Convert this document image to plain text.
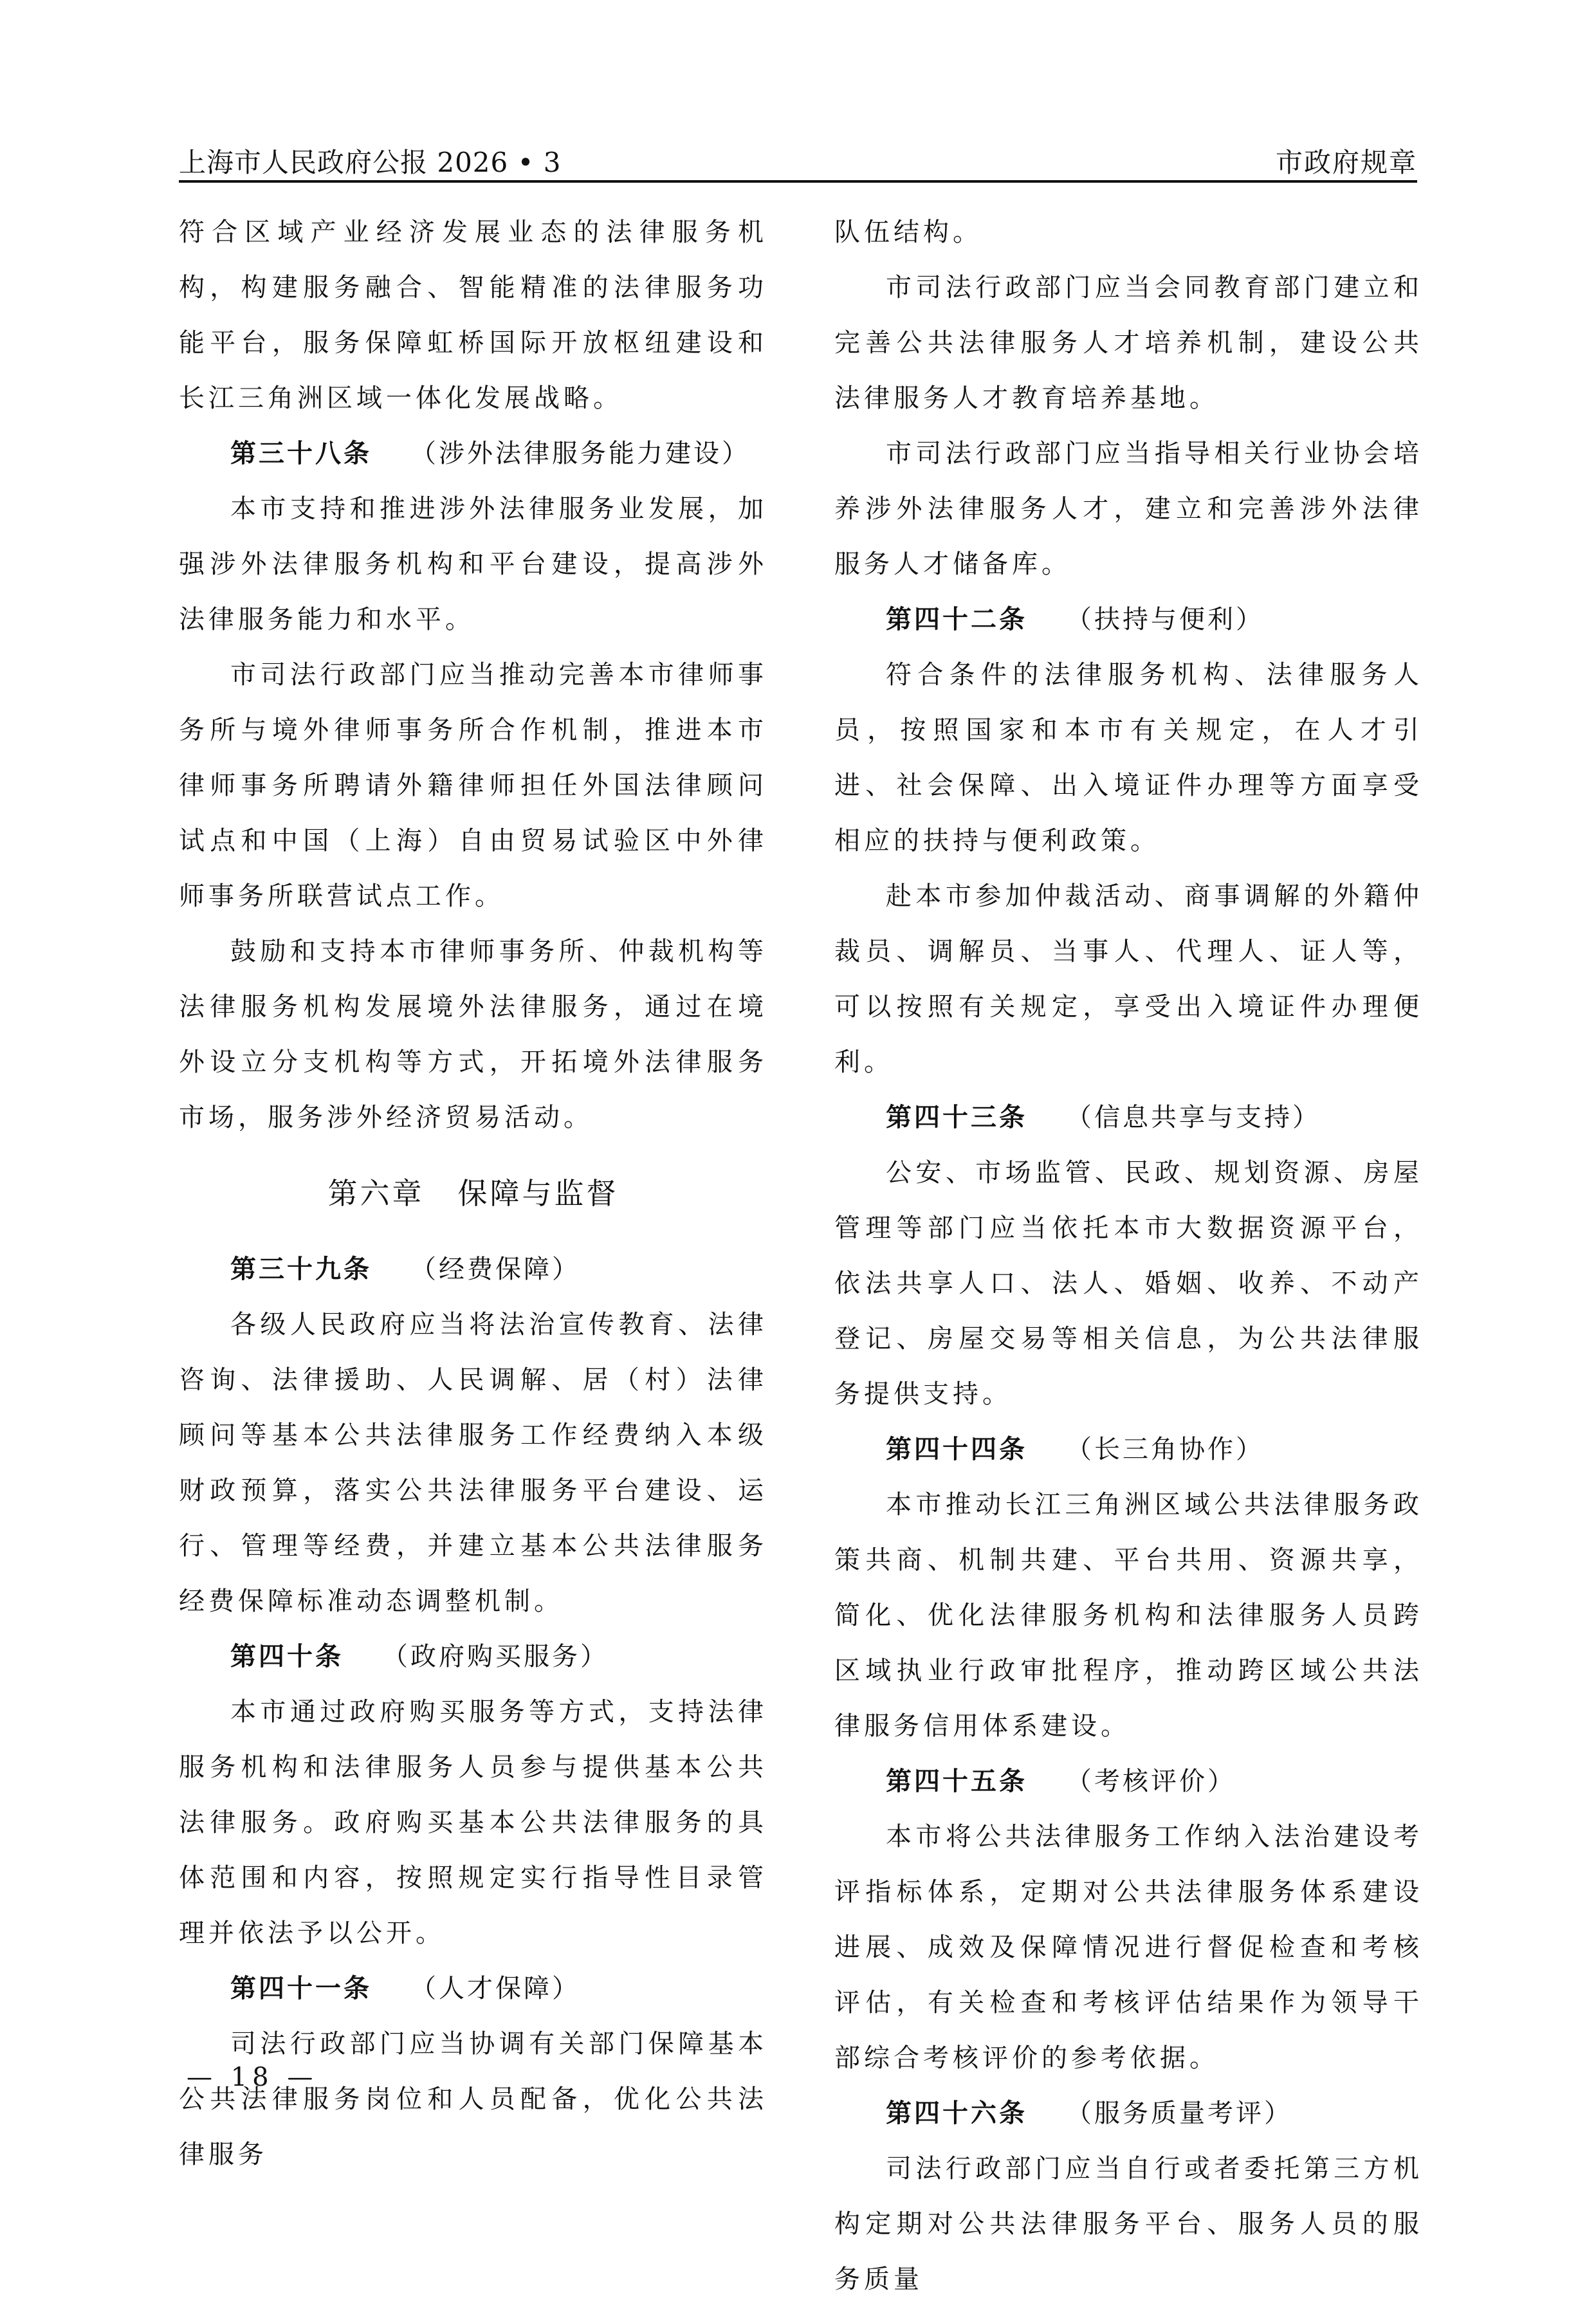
上海市人民政府公报 2026 • 3	市政府规章

符合区域产业经济发展业态的法律服务机构，构建服务融合、智能精准的法律服务功能平台，服务保障虹桥国际开放枢纽建设和长江三角洲区域一体化发展战略。

第三十八条 （涉外法律服务能力建设）

本市支持和推进涉外法律服务业发展，加强涉外法律服务机构和平台建设，提高涉外法律服务能力和水平。

市司法行政部门应当推动完善本市律师事务所与境外律师事务所合作机制，推进本市律师事务所聘请外籍律师担任外国法律顾问试点和中国（上海）自由贸易试验区中外律师事务所联营试点工作。

鼓励和支持本市律师事务所、仲裁机构等法律服务机构发展境外法律服务，通过在境外设立分支机构等方式，开拓境外法律服务市场，服务涉外经济贸易活动。

第六章 保障与监督

第三十九条 （经费保障）

各级人民政府应当将法治宣传教育、法律咨询、法律援助、人民调解、居（村）法律顾问等基本公共法律服务工作经费纳入本级财政预算，落实公共法律服务平台建设、运行、管理等经费，并建立基本公共法律服务经费保障标准动态调整机制。

第四十条 （政府购买服务）

本市通过政府购买服务等方式，支持法律服务机构和法律服务人员参与提供基本公共法律服务。政府购买基本公共法律服务的具体范围和内容，按照规定实行指导性目录管理并依法予以公开。

第四十一条 （人才保障）

司法行政部门应当协调有关部门保障基本公共法律服务岗位和人员配备，优化公共法律服务

队伍结构。

市司法行政部门应当会同教育部门建立和完善公共法律服务人才培养机制，建设公共法律服务人才教育培养基地。

市司法行政部门应当指导相关行业协会培养涉外法律服务人才，建立和完善涉外法律服务人才储备库。

第四十二条 （扶持与便利）

符合条件的法律服务机构、法律服务人员，按照国家和本市有关规定，在人才引进、社会保障、出入境证件办理等方面享受相应的扶持与便利政策。

赴本市参加仲裁活动、商事调解的外籍仲裁员、调解员、当事人、代理人、证人等，可以按照有关规定，享受出入境证件办理便利。

第四十三条 （信息共享与支持）

公安、市场监管、民政、规划资源、房屋管理等部门应当依托本市大数据资源平台，依法共享人口、法人、婚姻、收养、不动产登记、房屋交易等相关信息，为公共法律服务提供支持。

第四十四条 （长三角协作）

本市推动长江三角洲区域公共法律服务政策共商、机制共建、平台共用、资源共享，简化、优化法律服务机构和法律服务人员跨区域执业行政审批程序，推动跨区域公共法律服务信用体系建设。

第四十五条 （考核评价）

本市将公共法律服务工作纳入法治建设考评指标体系，定期对公共法律服务体系建设进展、成效及保障情况进行督促检查和考核评估，有关检查和考核评估结果作为领导干部综合考核评价的参考依据。

第四十六条 （服务质量考评）

司法行政部门应当自行或者委托第三方机构定期对公共法律服务平台、服务人员的服务质量

— 18 —
